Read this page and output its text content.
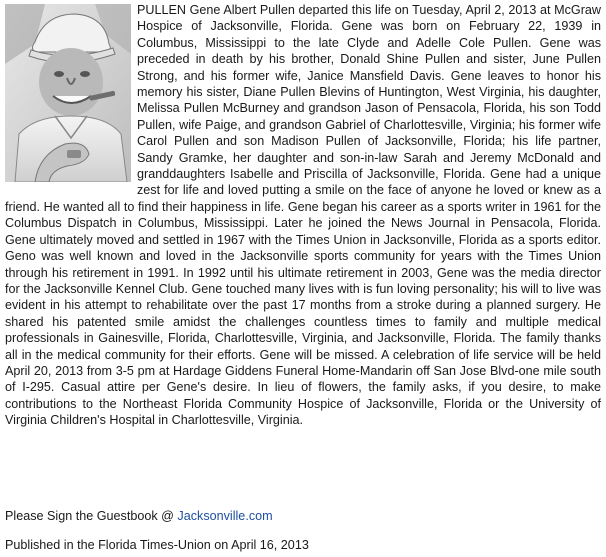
PULLEN Gene Albert Pullen departed this life on Tuesday, April 2, 2013 at McGraw Hospice of Jacksonville, Florida. Gene was born on February 22, 1939 in Columbus, Mississippi to the late Clyde and Adelle Cole Pullen. Gene was preceded in death by his brother, Donald Shine Pullen and sister, June Pullen Strong, and his former wife, Janice Mansfield Davis. Gene leaves to honor his memory his sister, Diane Pullen Blevins of Huntington, West Virginia, his daughter, Melissa Pullen McBurney and grandson Jason of Pensacola, Florida, his son Todd Pullen, wife Paige, and grandson Gabriel of Charlottesville, Virginia; his former wife Carol Pullen and son Madison Pullen of Jacksonville, Florida; his life partner, Sandy Gramke, her daughter and son-in-law Sarah and Jeremy McDonald and granddaughters Isabelle and Priscilla of Jacksonville, Florida. Gene had a unique zest for life and loved putting a smile on the face of anyone he loved or knew as a friend. He wanted all to find their happiness in life. Gene began his career as a sports writer in 1961 for the Columbus Dispatch in Columbus, Mississippi. Later he joined the News Journal in Pensacola, Florida. Gene ultimately moved and settled in 1967 with the Times Union in Jacksonville, Florida as a sports editor. Geno was well known and loved in the Jacksonville sports community for years with the Times Union through his retirement in 1991. In 1992 until his ultimate retirement in 2003, Gene was the media director for the Jacksonville Kennel Club. Gene touched many lives with is fun loving personality; his will to live was evident in his attempt to rehabilitate over the past 17 months from a stroke during a planned surgery. He shared his patented smile amidst the challenges countless times to family and multiple medical professionals in Gainesville, Florida, Charlottesville, Virginia, and Jacksonville, Florida. The family thanks all in the medical community for their efforts. Gene will be missed. A celebration of life service will be held April 20, 2013 from 3-5 pm at Hardage Giddens Funeral Home-Mandarin off San Jose Blvd-one mile south of I-295. Casual attire per Gene's desire. In lieu of flowers, the family asks, if you desire, to make contributions to the Northeast Florida Community Hospice of Jacksonville, Florida or the University of Virginia Children's Hospital in Charlottesville, Virginia.

Please Sign the Guestbook @ Jacksonville.com

Published in the Florida Times-Union on April 16, 2013
